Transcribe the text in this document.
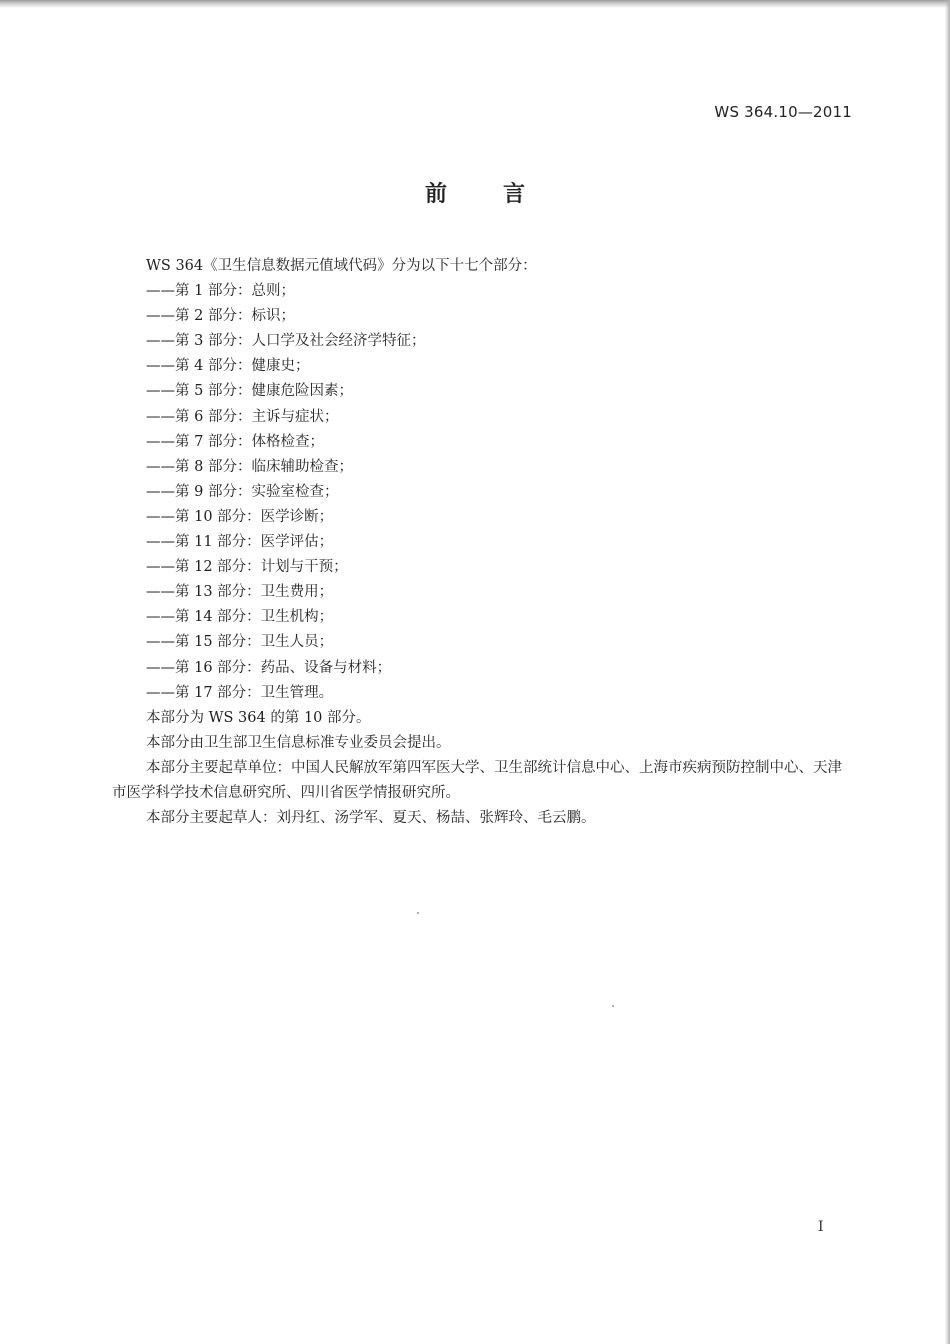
WS 364.10—2011
前言

WS 364《卫生信息数据元值域代码》分为以下十七个部分：

——第 1 部分：总则；
——第 2 部分：标识；
——第 3 部分：人口学及社会经济学特征；
——第 4 部分：健康史；
——第 5 部分：健康危险因素；
——第 6 部分：主诉与症状；
——第 7 部分：体格检查；
——第 8 部分：临床辅助检查；
——第 9 部分：实验室检查；
——第 10 部分：医学诊断；
——第 11 部分：医学评估；
——第 12 部分：计划与干预；
——第 13 部分：卫生费用；
——第 14 部分：卫生机构；
——第 15 部分：卫生人员；
——第 16 部分：药品、设备与材料；
——第 17 部分：卫生管理。

本部分为 WS 364 的第 10 部分。

本部分由卫生部卫生信息标准专业委员会提出。

本部分主要起草单位：中国人民解放军第四军医大学、卫生部统计信息中心、上海市疾病预防控制中心、天津市医学科学技术信息研究所、四川省医学情报研究所。

本部分主要起草人：刘丹红、汤学军、夏天、杨喆、张辉玲、毛云鹏。

I
